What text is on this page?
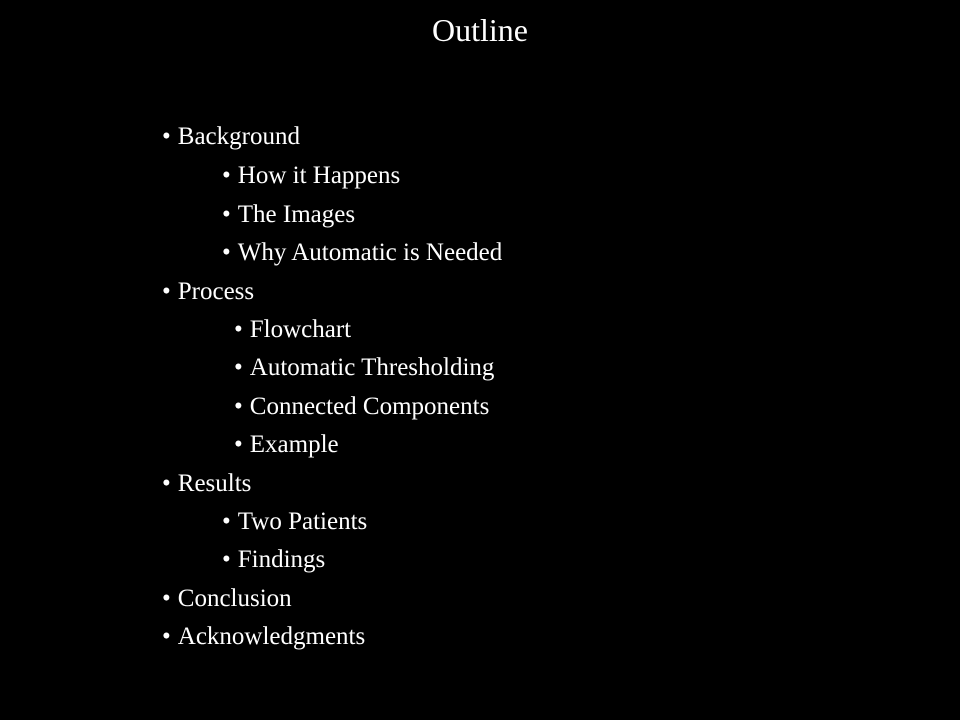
Outline
• Background
• How it Happens
• The Images
• Why Automatic is Needed
• Process
• Flowchart
• Automatic Thresholding
• Connected Components
• Example
• Results
• Two Patients
• Findings
• Conclusion
• Acknowledgments
